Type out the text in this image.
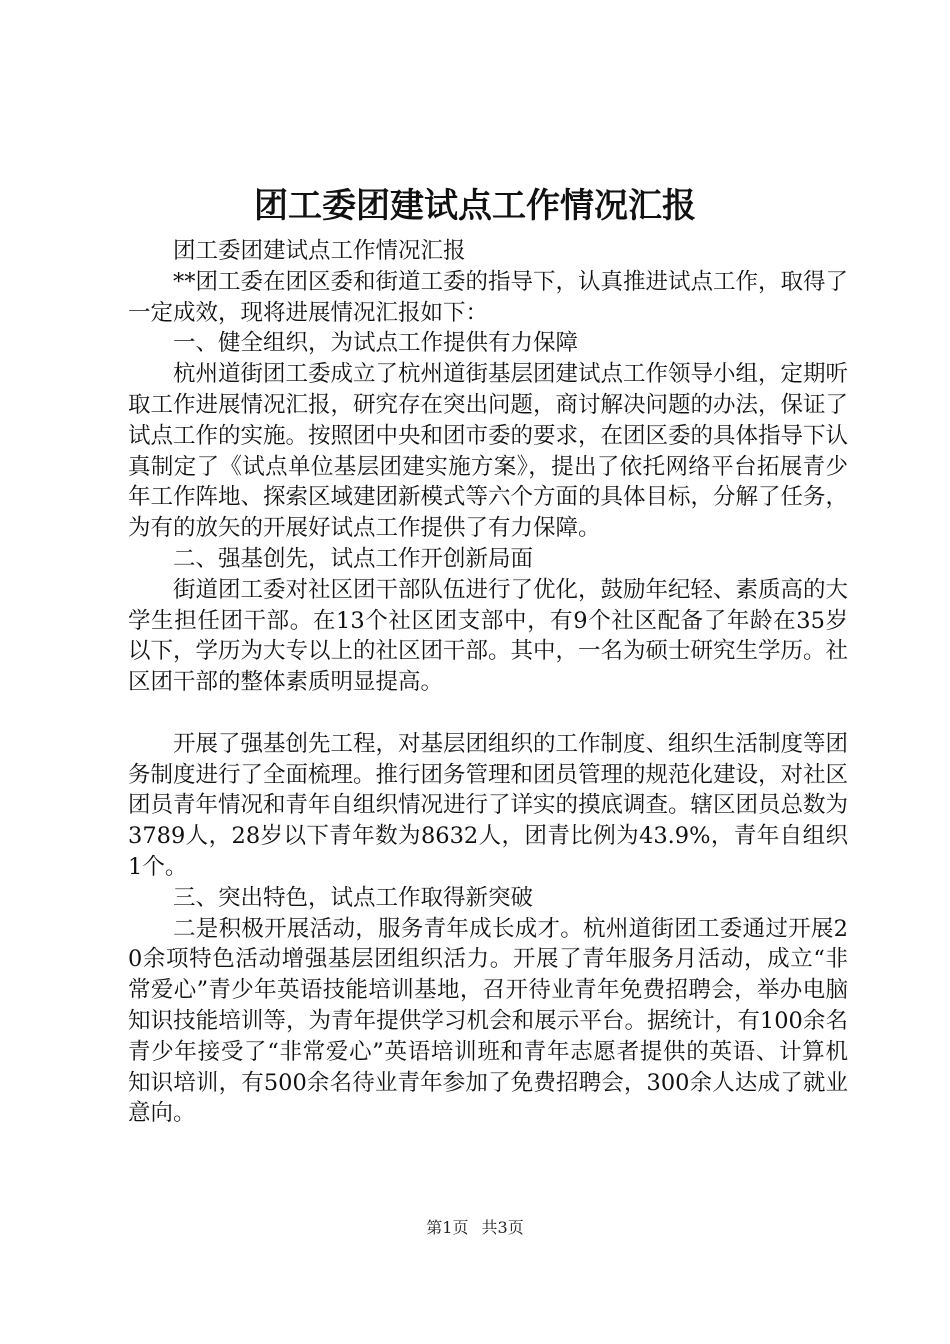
团工委团建试点工作情况汇报

团工委团建试点工作情况汇报

**团工委在团区委和街道工委的指导下，认真推进试点工作，取得了一定成效，现将进展情况汇报如下：

一、健全组织，为试点工作提供有力保障

杭州道街团工委成立了杭州道街基层团建试点工作领导小组，定期听取工作进展情况汇报，研究存在突出问题，商讨解决问题的办法，保证了试点工作的实施。按照团中央和团市委的要求，在团区委的具体指导下认真制定了《试点单位基层团建实施方案》，提出了依托网络平台拓展青少年工作阵地、探索区域建团新模式等六个方面的具体目标，分解了任务，为有的放矢的开展好试点工作提供了有力保障。

二、强基创先，试点工作开创新局面

街道团工委对社区团干部队伍进行了优化，鼓励年纪轻、素质高的大学生担任团干部。在13个社区团支部中，有9个社区配备了年龄在35岁以下，学历为大专以上的社区团干部。其中，一名为硕士研究生学历。社区团干部的整体素质明显提高。

开展了强基创先工程，对基层团组织的工作制度、组织生活制度等团务制度进行了全面梳理。推行团务管理和团员管理的规范化建设，对社区团员青年情况和青年自组织情况进行了详实的摸底调查。辖区团员总数为3789人，28岁以下青年数为8632人，团青比例为43.9%，青年自组织1个。

三、突出特色，试点工作取得新突破

二是积极开展活动，服务青年成长成才。杭州道街团工委通过开展20余项特色活动增强基层团组织活力。开展了青年服务月活动，成立“非常爱心”青少年英语技能培训基地，召开待业青年免费招聘会，举办电脑知识技能培训等，为青年提供学习机会和展示平台。据统计，有100余名青少年接受了“非常爱心”英语培训班和青年志愿者提供的英语、计算机知识培训，有500余名待业青年参加了免费招聘会，300余人达成了就业意向。

第1页 共3页
